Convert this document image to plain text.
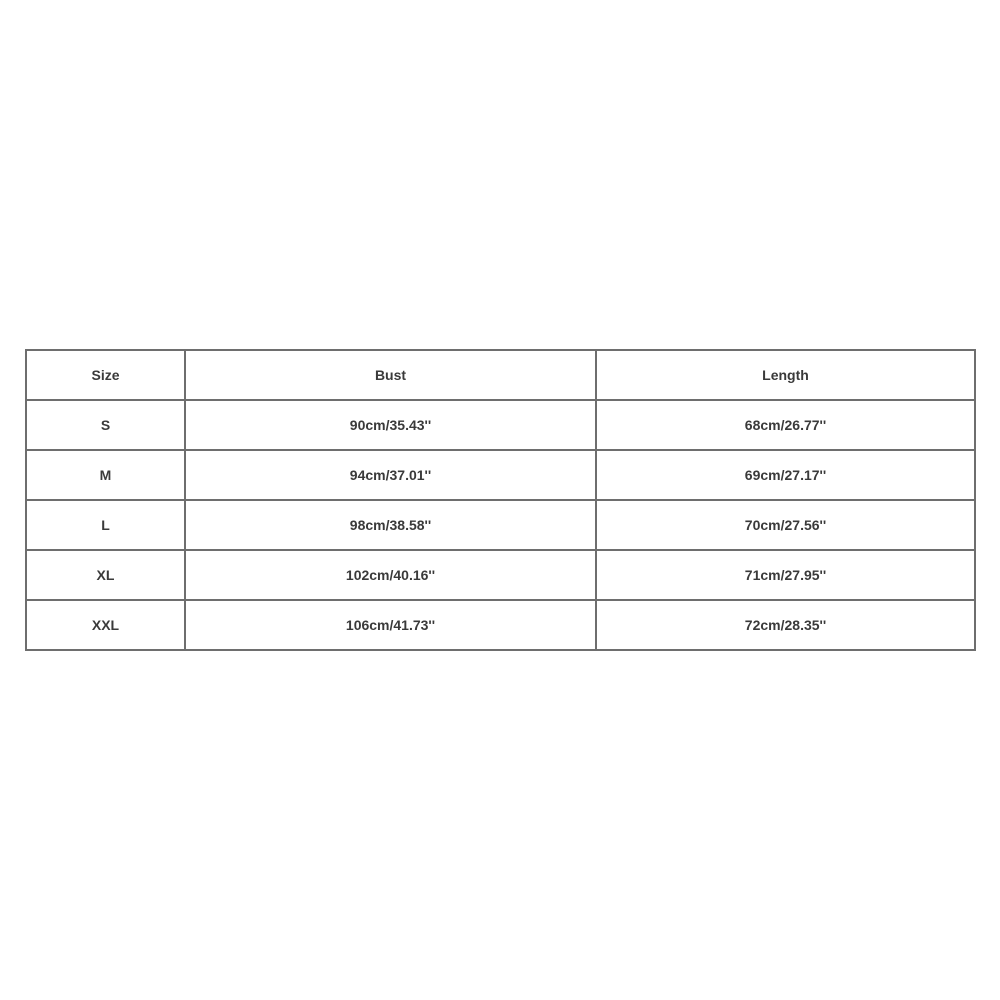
Size	Bust	Length
S	90cm/35.43''	68cm/26.77''
M	94cm/37.01''	69cm/27.17''
L	98cm/38.58''	70cm/27.56''
XL	102cm/40.16''	71cm/27.95''
XXL	106cm/41.73''	72cm/28.35''
